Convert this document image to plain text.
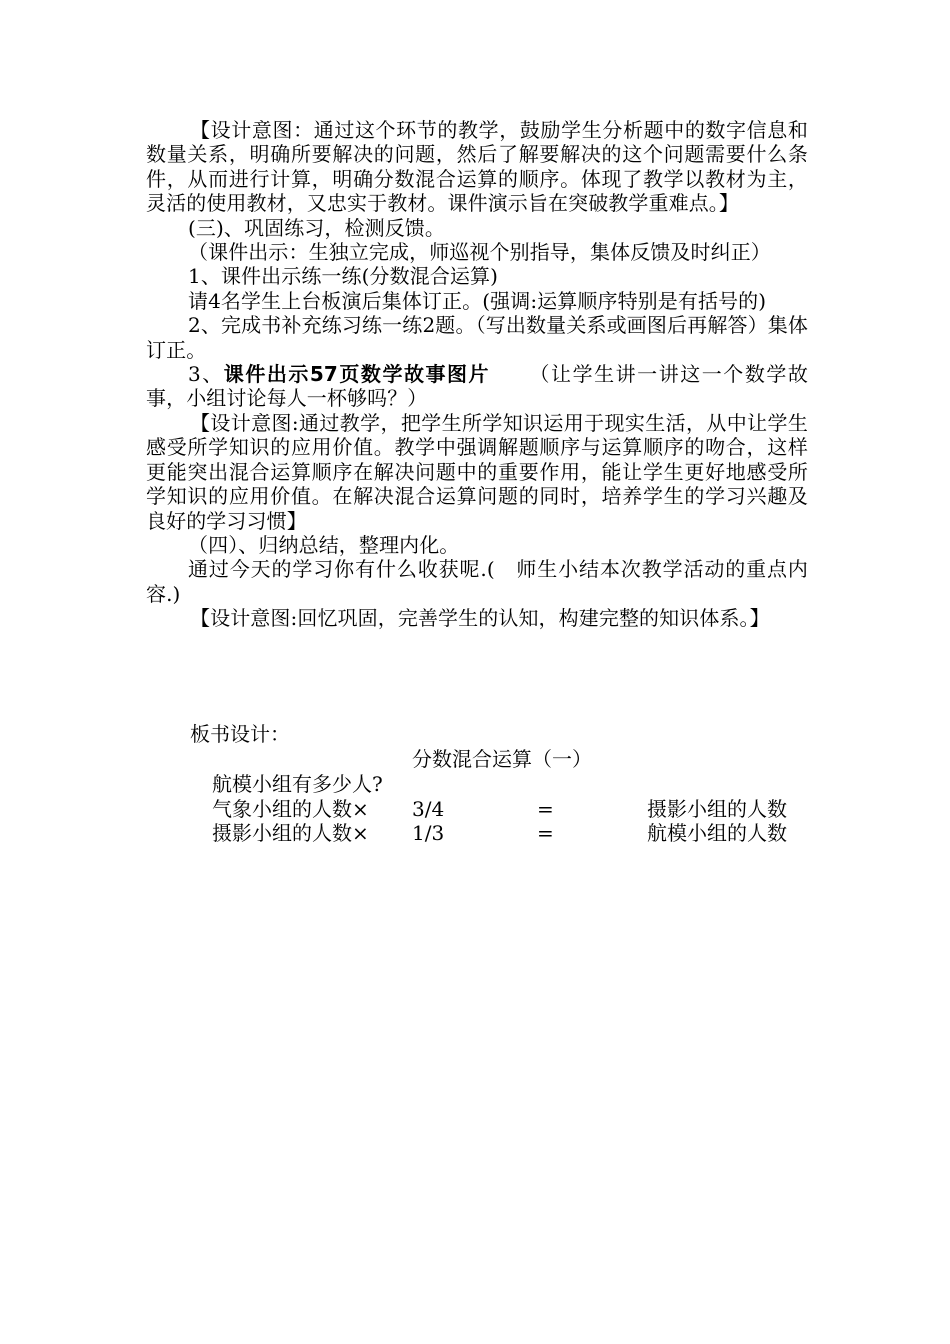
【设计意图：通过这个环节的教学，鼓励学生分析题中的数字信息和数量关系，明确所要解决的问题，然后了解要解决的这个问题需要什么条件，从而进行计算，明确分数混合运算的顺序。体现了教学以教材为主，灵活的使用教材，又忠实于教材。课件演示旨在突破教学重难点。】

(三)、巩固练习，检测反馈。

（课件出示：生独立完成，师巡视个别指导，集体反馈及时纠正）

1、课件出示练一练(分数混合运算)

请4名学生上台板演后集体订正。(强调:运算顺序特别是有括号的)

2、完成书补充练习练一练2题。（写出数量关系或画图后再解答）集体订正。

3、课件出示57页数学故事图片 （让学生讲一讲这一个数学故事，小组讨论每人一杯够吗？）

【设计意图:通过教学，把学生所学知识运用于现实生活，从中让学生感受所学知识的应用价值。教学中强调解题顺序与运算顺序的吻合，这样更能突出混合运算顺序在解决问题中的重要作用，能让学生更好地感受所学知识的应用价值。在解决混合运算问题的同时，培养学生的学习兴趣及良好的学习习惯】

（四）、归纳总结，整理内化。

通过今天的学习你有什么收获呢.(　师生小结本次教学活动的重点内容.)

【设计意图:回忆巩固，完善学生的认知，构建完整的知识体系。】

板书设计：
分数混合运算（一）
航模小组有多少人?
气象小组的人数× 3/4	=	摄影小组的人数
摄影小组的人数× 1/3	=	航模小组的人数
